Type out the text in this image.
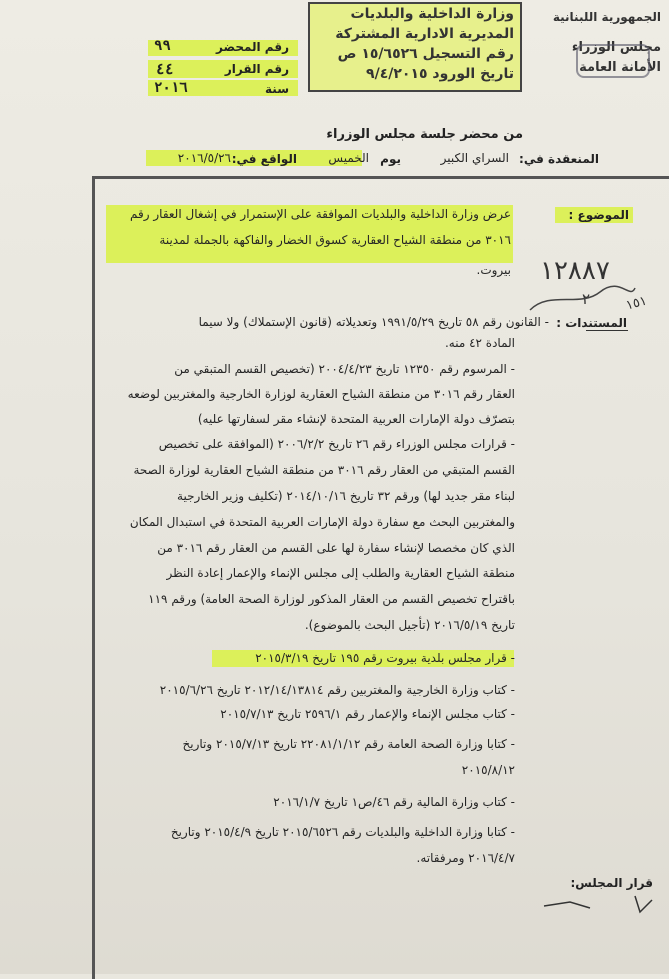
وزارة الداخلية والبلديات
المديرية الادارية المشتركة
رقم التسجيل ١٥/٦٥٢٦ ص
تاريخ الورود ٩/٤/٢٠١٥
الجمهورية اللبنانية
مجلس الوزراء
الأمانة العامة
رقم المحضر
٩٩
رقم القرار
٤٤
سنة
٢٠١٦
من محضر جلسة مجلس الوزراء
المنعقدة في:
السراي الكبير
يوم
الخميس
الواقع في:
٢٠١٦/٥/٢٦
الموضوع :
عرض وزارة الداخلية والبلديات الموافقة على الإستمرار في إشغال العقار رقم
٣٠١٦ من منطقة الشياح العقارية كسوق الخضار والفاكهة بالجملة لمدينة
بيروت. ١٢٨٨٧
١٥١
٢
المستندات :
- القانون رقم ٥٨ تاريخ ١٩٩١/٥/٢٩ وتعديلاته (قانون الإستملاك) ولا سيما
المادة ٤٢ منه.
- المرسوم رقم ١٢٣٥٠ تاريخ ٢٠٠٤/٤/٢٣ (تخصيص القسم المتبقي من
العقار رقم ٣٠١٦ من منطقة الشياح العقارية لوزارة الخارجية والمغتربين لوضعه
بتصرّف دولة الإمارات العربية المتحدة لإنشاء مقر لسفارتها عليه)
- قرارات مجلس الوزراء رقم ٢٦ تاريخ ٢٠٠٦/٢/٢ (الموافقة على تخصيص
القسم المتبقي من العقار رقم ٣٠١٦ من منطقة الشياح العقارية لوزارة الصحة
لبناء مقر جديد لها) ورقم ٣٢ تاريخ ٢٠١٤/١٠/١٦ (تكليف وزير الخارجية
والمغتربين البحث مع سفارة دولة الإمارات العربية المتحدة في استبدال المكان
الذي كان مخصصا لإنشاء سفارة لها على القسم من العقار رقم ٣٠١٦ من
منطقة الشياح العقارية والطلب إلى مجلس الإنماء والإعمار إعادة النظر
باقتراح تخصيص القسم من العقار المذكور لوزارة الصحة العامة) ورقم ١١٩
تاريخ ٢٠١٦/٥/١٩ (تأجيل البحث بالموضوع).
- قرار مجلس بلدية بيروت رقم ١٩٥ تاريخ ٢٠١٥/٣/١٩
- كتاب وزارة الخارجية والمغتربين رقم ٢٠١٢/١٤/١٣٨١٤ تاريخ ٢٠١٥/٦/٢٦
- كتاب مجلس الإنماء والإعمار رقم ٢٥٩٦/١ تاريخ ٢٠١٥/٧/١٣
- كتابا وزارة الصحة العامة رقم ٢٢٠٨١/١/١٢ تاريخ ٢٠١٥/٧/١٣ وتاريخ
٢٠١٥/٨/١٢
- كتاب وزارة المالية رقم ٤٦/ص١ تاريخ ٢٠١٦/١/٧
- كتابا وزارة الداخلية والبلديات رقم ٢٠١٥/٦٥٢٦ تاريخ ٢٠١٥/٤/٩ وتاريخ
٢٠١٦/٤/٧ ومرفقاته.
قرار المجلس:
